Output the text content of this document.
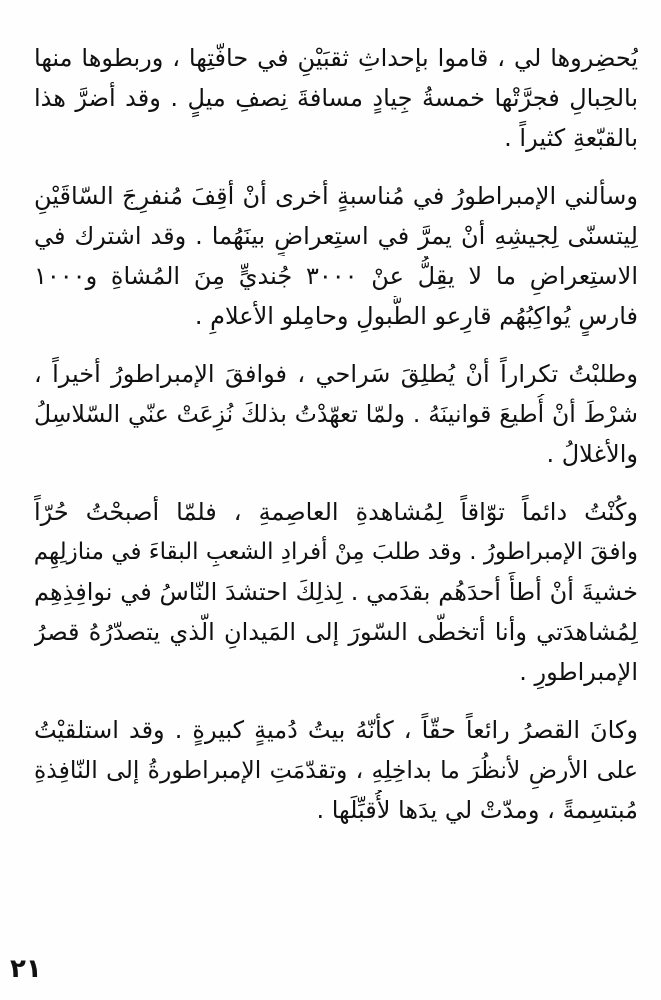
يُحضِروها لي ، قاموا بإحداثِ ثقبَيْنِ في حافّتِها ، وربطوها منها
بالحِبالِ فجرَّتْها خمسةُ جِيادٍ مسافةَ نِصفِ ميلٍ . وقد أضرَّ هذا
بالقبّعةِ كثيراً .
وسألني الإمبراطورُ في مُناسبةٍ أخرى أنْ أقِفَ مُنفرِجَ السّاقَيْنِ
لِيتسنّى لِجيشِهِ أنْ يمرَّ في استِعراضٍ بينَهُما . وقد اشترك في
الاستِعراضِ ما لا يقِلُّ عنْ ٣٠٠٠ جُنديٍّ مِنَ المُشاةِ و١٠٠٠
فارسٍ يُواكِبُهُم قارِعو الطُّبولِ وحامِلو الأعلامِ .
وطلبْتُ تكراراً أنْ يُطلِقَ سَراحي ، فوافقَ الإمبراطورُ أخيراً ،
شرْطَ أنْ أُطيعَ قوانينَهُ . ولمّا تعهّدْتُ بذلكَ نُزِعَتْ عنّي السّلاسِلُ
والأغلالُ .
وكُنْتُ دائماً توّاقاً لِمُشاهدةِ العاصِمةِ ، فلمّا أصبحْتُ حُرّاً
وافقَ الإمبراطورُ . وقد طلبَ مِنْ أفرادِ الشعبِ البقاءَ في منازلِهِم
خشيةَ أنْ أطأَ أحدَهُم بقدَمي . لِذلِكَ احتشدَ النّاسُ في نوافِذِهِم
لِمُشاهدَتي وأنا أتخطّى السّورَ إلى المَيدانِ الّذي يتصدّرُهُ قصرُ
الإمبراطورِ .
وكانَ القصرُ رائعاً حقّاً ، كأنّهُ بيتُ دُميةٍ كبيرةٍ . وقد استلقيْتُ
على الأرضِ لأنظُرَ ما بداخِلِهِ ، وتقدّمَتِ الإمبراطورةُ إلى النّافِذةِ
مُبتسِمةً ، ومدّتْ لي يدَها لأُقبِّلَها .
٢١
